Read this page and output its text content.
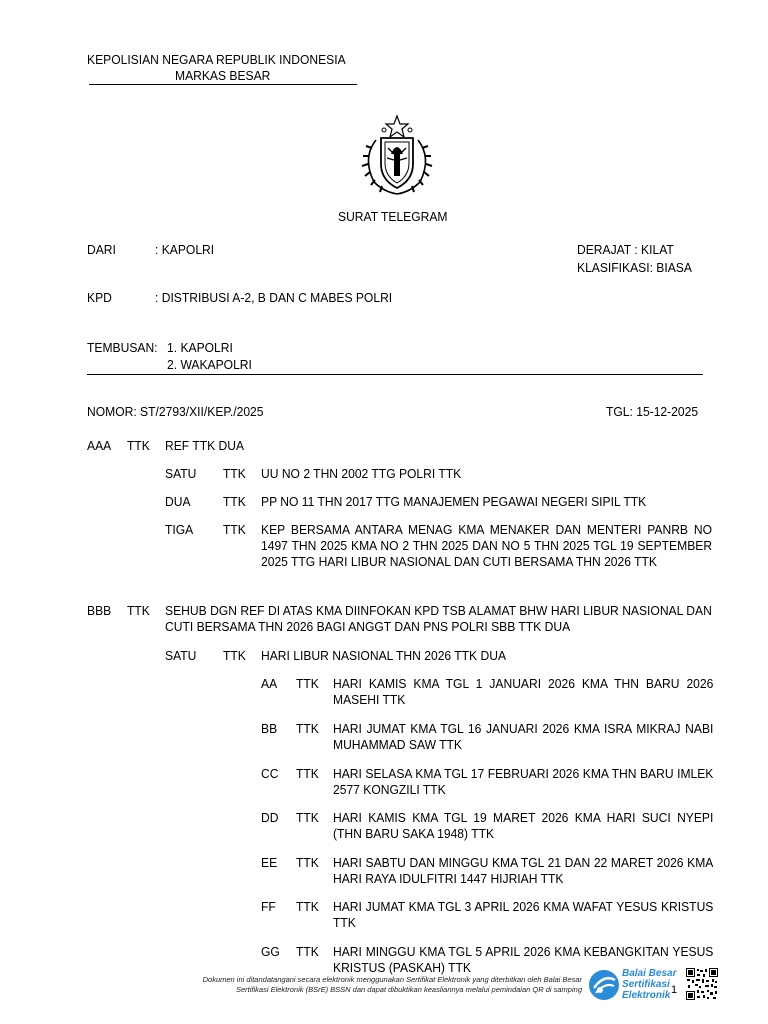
KEPOLISIAN NEGARA REPUBLIK INDONESIA
MARKAS BESAR
SURAT TELEGRAM
DARI	: KAPOLRI	DERAJAT : KILAT
KLASIFIKASI: BIASA
KPD	: DISTRIBUSI A-2, B DAN C MABES POLRI
TEMBUSAN: 1. KAPOLRI
2. WAKAPOLRI
NOMOR: ST/2793/XII/KEP./2025	TGL: 15-12-2025
AAA TTK REF TTK DUA
SATU TTK UU NO 2 THN 2002 TTG POLRI TTK
DUA TTK PP NO 11 THN 2017 TTG MANAJEMEN PEGAWAI NEGERI SIPIL TTK
TIGA TTK KEP BERSAMA ANTARA MENAG KMA MENAKER DAN MENTERI PANRB NO 1497 THN 2025 KMA NO 2 THN 2025 DAN NO 5 THN 2025 TGL 19 SEPTEMBER 2025 TTG HARI LIBUR NASIONAL DAN CUTI BERSAMA THN 2026 TTK
BBB TTK SEHUB DGN REF DI ATAS KMA DIINFOKAN KPD TSB ALAMAT BHW HARI LIBUR NASIONAL DAN CUTI BERSAMA THN 2026 BAGI ANGGT DAN PNS POLRI SBB TTK DUA
SATU TTK HARI LIBUR NASIONAL THN 2026 TTK DUA
AA TTK HARI KAMIS KMA TGL 1 JANUARI 2026 KMA THN BARU 2026 MASEHI TTK
BB TTK HARI JUMAT KMA TGL 16 JANUARI 2026 KMA ISRA MIKRAJ NABI MUHAMMAD SAW TTK
CC TTK HARI SELASA KMA TGL 17 FEBRUARI 2026 KMA THN BARU IMLEK 2577 KONGZILI TTK
DD TTK HARI KAMIS KMA TGL 19 MARET 2026 KMA HARI SUCI NYEPI (THN BARU SAKA 1948) TTK
EE TTK HARI SABTU DAN MINGGU KMA TGL 21 DAN 22 MARET 2026 KMA HARI RAYA IDULFITRI 1447 HIJRIAH TTK
FF TTK HARI JUMAT KMA TGL 3 APRIL 2026 KMA WAFAT YESUS KRISTUS TTK
GG TTK HARI MINGGU KMA TGL 5 APRIL 2026 KMA KEBANGKITAN YESUS KRISTUS (PASKAH) TTK
Dokumen ini ditandatangani secara elektronik menggunakan Sertifikat Elektronik yang diterbitkan oleh Balai Besar
Sertifikasi Elektronik (BSrE) BSSN dan dapat dibuktikan keasliannya melalui pemindaian QR di samping
Balai Besar
Sertifikasi
Elektronik 1
